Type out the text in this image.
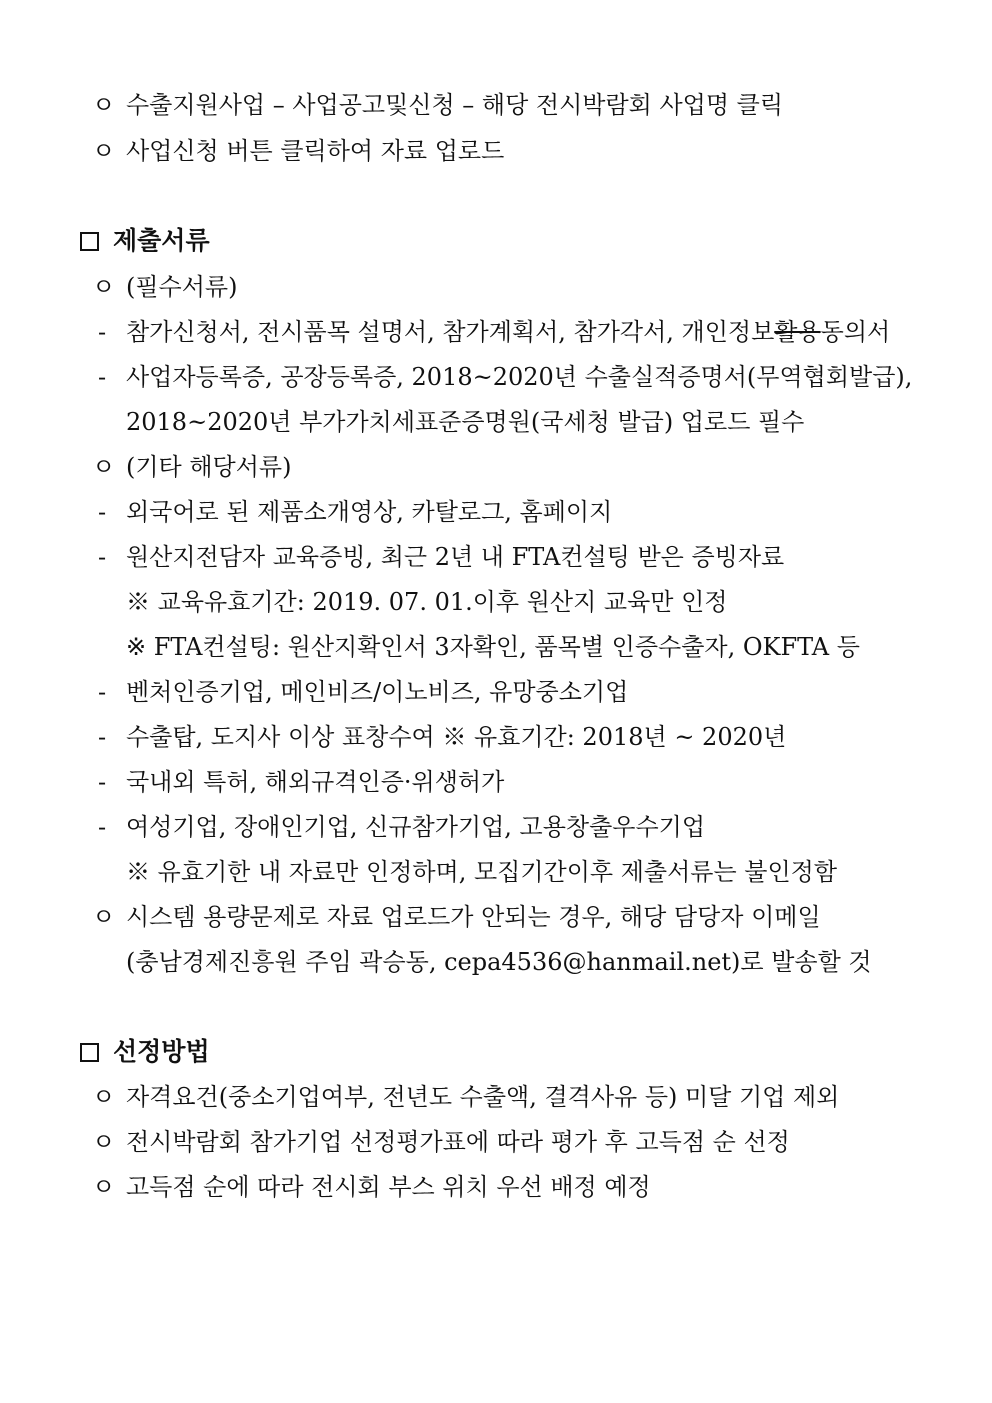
ㅇ 수출지원사업 – 사업공고및신청 – 해당 전시박람회 사업명 클릭
ㅇ 사업신청 버튼 클릭하여 자료 업로드
제출서류
ㅇ (필수서류)
- 참가신청서, 전시품목 설명서, 참가계획서, 참가각서, 개인정보활용동의서
- 사업자등록증, 공장등록증, 2018~2020년 수출실적증명서(무역협회발급),
2018~2020년 부가가치세표준증명원(국세청 발급) 업로드 필수
ㅇ (기타 해당서류)
- 외국어로 된 제품소개영상, 카탈로그, 홈페이지
- 원산지전담자 교육증빙, 최근 2년 내 FTA컨설팅 받은 증빙자료
※ 교육유효기간: 2019. 07. 01.이후 원산지 교육만 인정
※ FTA컨설팅: 원산지확인서 3자확인, 품목별 인증수출자, OKFTA 등
- 벤처인증기업, 메인비즈/이노비즈, 유망중소기업
- 수출탑, 도지사 이상 표창수여 ※ 유효기간: 2018년 ~ 2020년
- 국내외 특허, 해외규격인증·위생허가
- 여성기업, 장애인기업, 신규참가기업, 고용창출우수기업
※ 유효기한 내 자료만 인정하며, 모집기간이후 제출서류는 불인정함
ㅇ 시스템 용량문제로 자료 업로드가 안되는 경우, 해당 담당자 이메일
(충남경제진흥원 주임 곽승동, cepa4536@hanmail.net)로 발송할 것
선정방법
ㅇ 자격요건(중소기업여부, 전년도 수출액, 결격사유 등) 미달 기업 제외
ㅇ 전시박람회 참가기업 선정평가표에 따라 평가 후 고득점 순 선정
ㅇ 고득점 순에 따라 전시회 부스 위치 우선 배정 예정
